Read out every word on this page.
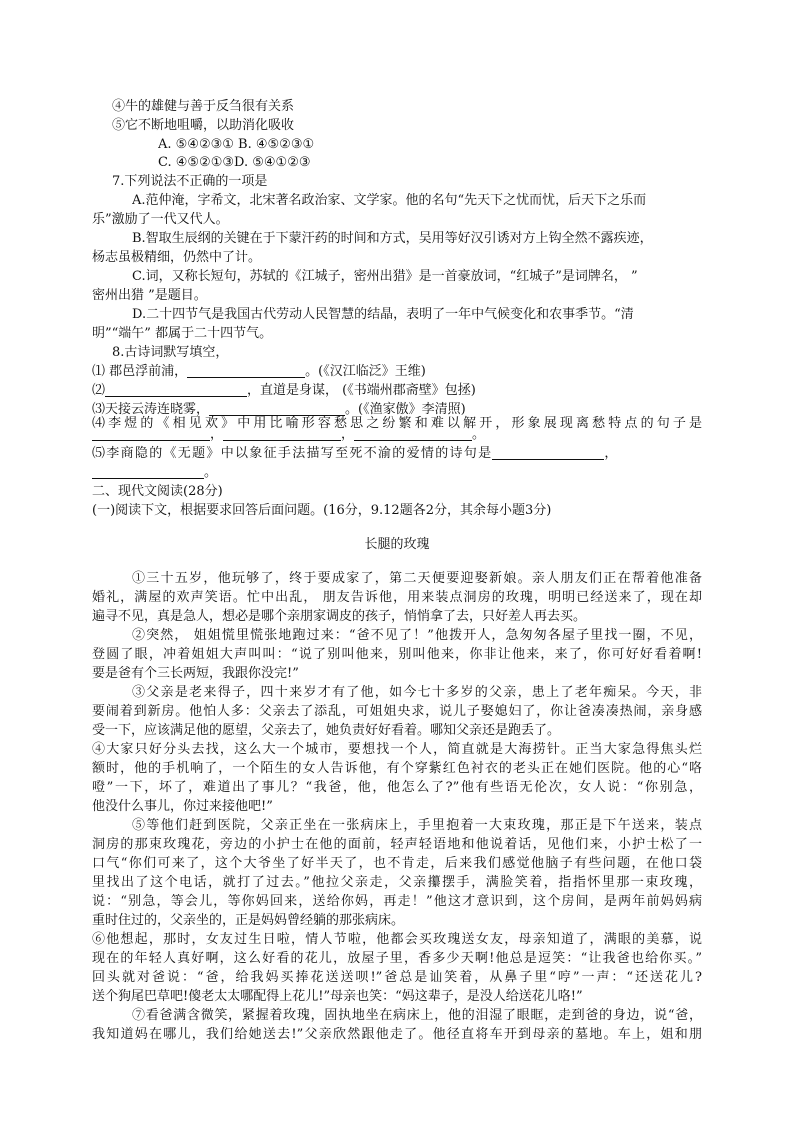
④牛的雄健与善于反刍很有关系
⑤它不断地咀嚼，以助消化吸收
A. ⑤④②③① B. ④⑤②③①
C. ④⑤②①③D. ⑤④①②③
7.下列说法不正确的一项是
A.范仲淹，字希文，北宋著名政治家、文学家。他的名句“先天下之忧而忧，后天下之乐而
乐”激励了一代又代人。
B.智取生辰纲的关键在于下蒙汗药的时间和方式，吴用等好汉引诱对方上钩全然不露疾迹，
杨志虽极精细，仍然中了计。
C.词，又称长短句，苏轼的《江城子，密州出猎》是一首豪放词，“红城子”是词牌名， ”
密州出猎 ”是题目。
D.二十四节气是我国古代劳动人民智慧的结晶，表明了一年中气候变化和农事季节。“清
明”“端午” 都属于二十四节气。
8.古诗词默写填空，
⑴ 郡邑浮前浦，	。(《汉江临泛》王维)
⑵	，直道是身谋， (《书端州郡斋壁》包拯)
⑶天接云涛连晓雾，	。(《渔家傲》李清照)
⑷李煜的《相见欢》中用比喻形容愁思之纷繁和难以解开，形象展现离愁特点的句子是
，	，	。
⑸李商隐的《无题》中以象征手法描写至死不渝的爱情的诗句是	，
。
二、现代文阅读(28分)
(一)阅读下文，根据要求回答后面问题。(16分，9.12题各2分，其余每小题3分)
长腿的玫瑰
①三十五岁，他玩够了，终于要成家了，第二天便要迎娶新娘。亲人朋友们正在帮着他准备
婚礼，满屋的欢声笑语。忙中出乱， 朋友告诉他，用来装点洞房的玫瑰，明明已经送来了，现在却
遍寻不见，真是急人，想必是哪个亲朋家调皮的孩子，悄悄拿了去，只好差人再去买。
②突然， 姐姐慌里慌张地跑过来：“爸不见了！”他拨开人，急匆匆各屋子里找一圈，不见，
登圆了眼，冲着姐姐大声叫叫：“说了别叫他来，别叫他来，你非让他来，来了，你可好好看着啊!
要是爸有个三长两短，我跟你没完!”
③父亲是老来得子，四十来岁才有了他，如今七十多岁的父亲，患上了老年痴呆。今天，非
要闹着到新房。他怕人多：父亲去了添乱，可姐姐央求，说儿子娶媳妇了，你让爸凑凑热闹，亲身感
受一下，应该满足他的愿望，父亲去了，她负责好好看着。哪知父亲还是跑丢了。
④大家只好分头去找，这么大一个城市，要想找一个人，简直就是大海捞针。正当大家急得焦头烂
额时，他的手机响了，一个陌生的女人告诉他，有个穿紫红色衬衣的老头正在她们医院。他的心“咯
噔”一下，坏了，难道出了事儿？“我爸，他，他怎么了?”他有些语无伦次，女人说：“你别急，
他没什么事儿，你过来接他吧!”
⑤等他们赶到医院，父亲正坐在一张病床上，手里抱着一大束玫瑰，那正是下午送来，装点
洞房的那束玫瑰花，旁边的小护士在他的面前，轻声轻语地和他说着话，见他们来，小护士松了一
口气“你们可来了，这个大爷坐了好半天了，也不肯走，后来我们感觉他脑子有些问题，在他口袋
里找出了这个电话，就打了过去。”他拉父亲走，父亲攥摆手，满脸笑着，指指怀里那一束玫瑰，
说：“别急，等会儿，等你妈回来，送给你妈，再走！”他这才意识到，这个房间，是两年前妈妈病
重时住过的，父亲坐的，正是妈妈曾经躺的那张病床。
⑥他想起，那时，女友过生日啦，情人节啦，他都会买玫瑰送女友，母亲知道了，满眼的美慕，说
现在的年轻人真好啊，这么好看的花儿，放屋子里，香多少天啊!他总是逗笑：“让我爸也给你买。”
回头就对爸说：“爸，给我妈买捧花送送呗!”爸总是讪笑着，从鼻子里“哼”一声：“还送花儿?
送个狗尾巴草吧!傻老太太哪配得上花儿!”母亲也笑：“妈这辈子，是没人给送花儿咯!”
⑦看爸满含微笑，紧握着玫瑰，固执地坐在病床上，他的泪湿了眼眶，走到爸的身边，说“爸，
我知道妈在哪儿，我们给她送去!”父亲欣然跟他走了。他径直将车开到母亲的墓地。车上，姐和朋
